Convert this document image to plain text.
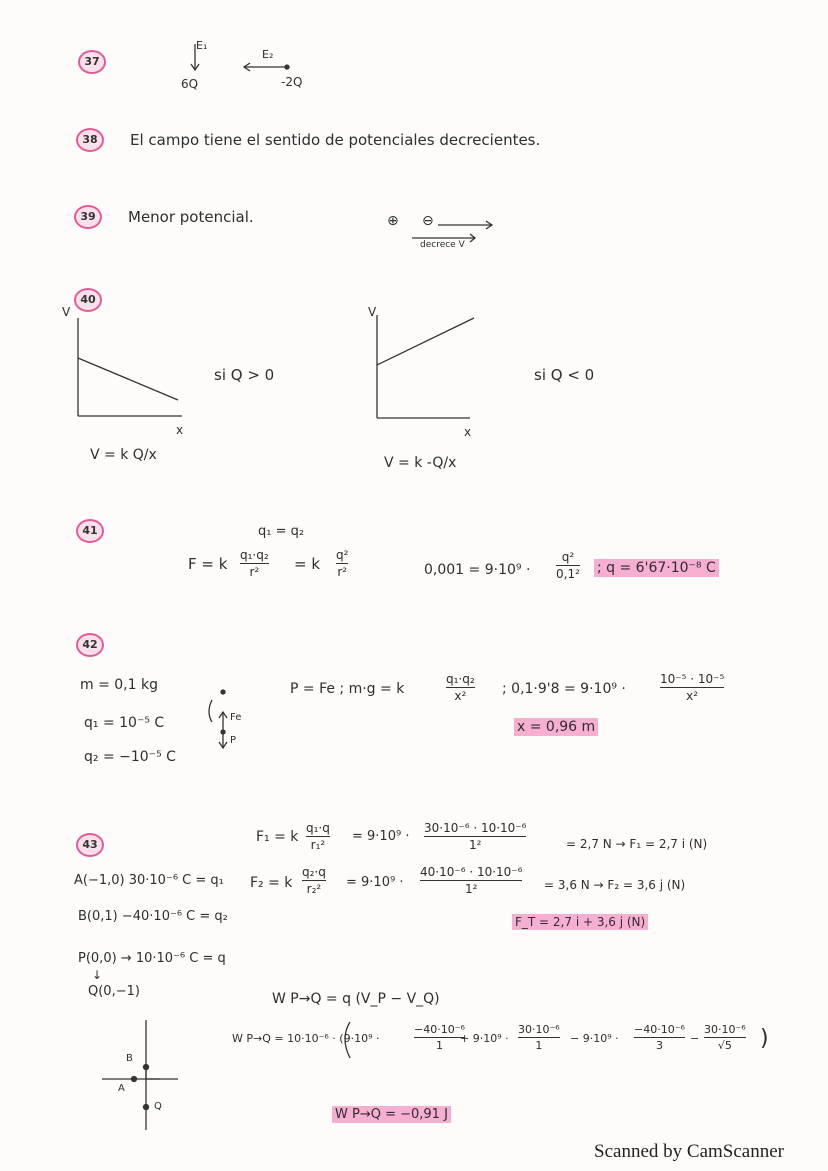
37
E₁
E₂
6Q	-2Q
38	El campo tiene el sentido de potenciales decrecientes.
39	Menor potencial.	⊕ ⊖
decrece V
40
V
x
si Q > 0
V = k Q/x
V
x
si Q < 0
V = k -Q/x
41	q₁ = q₂
F = k q₁·q₂
r²	= k q²
r²	0,001 = 9·10⁹ ·
q²
0,1² ; q = 6'67·10⁻⁸ C
42
m = 0,1 kg
q₁ = 10⁻⁵ C
q₂ = −10⁻⁵ C
Fe
P
P = Fe ; m·g = k
q₁·q₂
x²	; 0,1·9'8 = 9·10⁹ ·
10⁻⁵ · 10⁻⁵
x²
x = 0,96 m
43
A(−1,0) 30·10⁻⁶ C = q₁
B(0,1) −40·10⁻⁶ C = q₂
P(0,0) → 10·10⁻⁶ C = q
↓
Q(0,−1)
F₁ = k
q₁·q
r₁²
= 9·10⁹ ·
30·10⁻⁶ · 10·10⁻⁶
1²	= 2,7 N → F₁ = 2,7 i (N)
F₂ = k
q₂·q
r₂²	= 9·10⁹ ·
40·10⁻⁶ · 10·10⁻⁶
1²	= 3,6 N → F₂ = 3,6 j (N)
F_T = 2,7 i + 3,6 j (N)
W P→Q = q (V_P − V_Q)
W P→Q = 10·10⁻⁶ · (9·10⁹ ·
−40·10⁻⁶
1
+ 9·10⁹ ·
30·10⁻⁶
1
− 9·10⁹ ·
−40·10⁻⁶
3
−
30·10⁻⁶
√5	)
W P→Q = −0,91 J
B
A
Q
Scanned by CamScanner
